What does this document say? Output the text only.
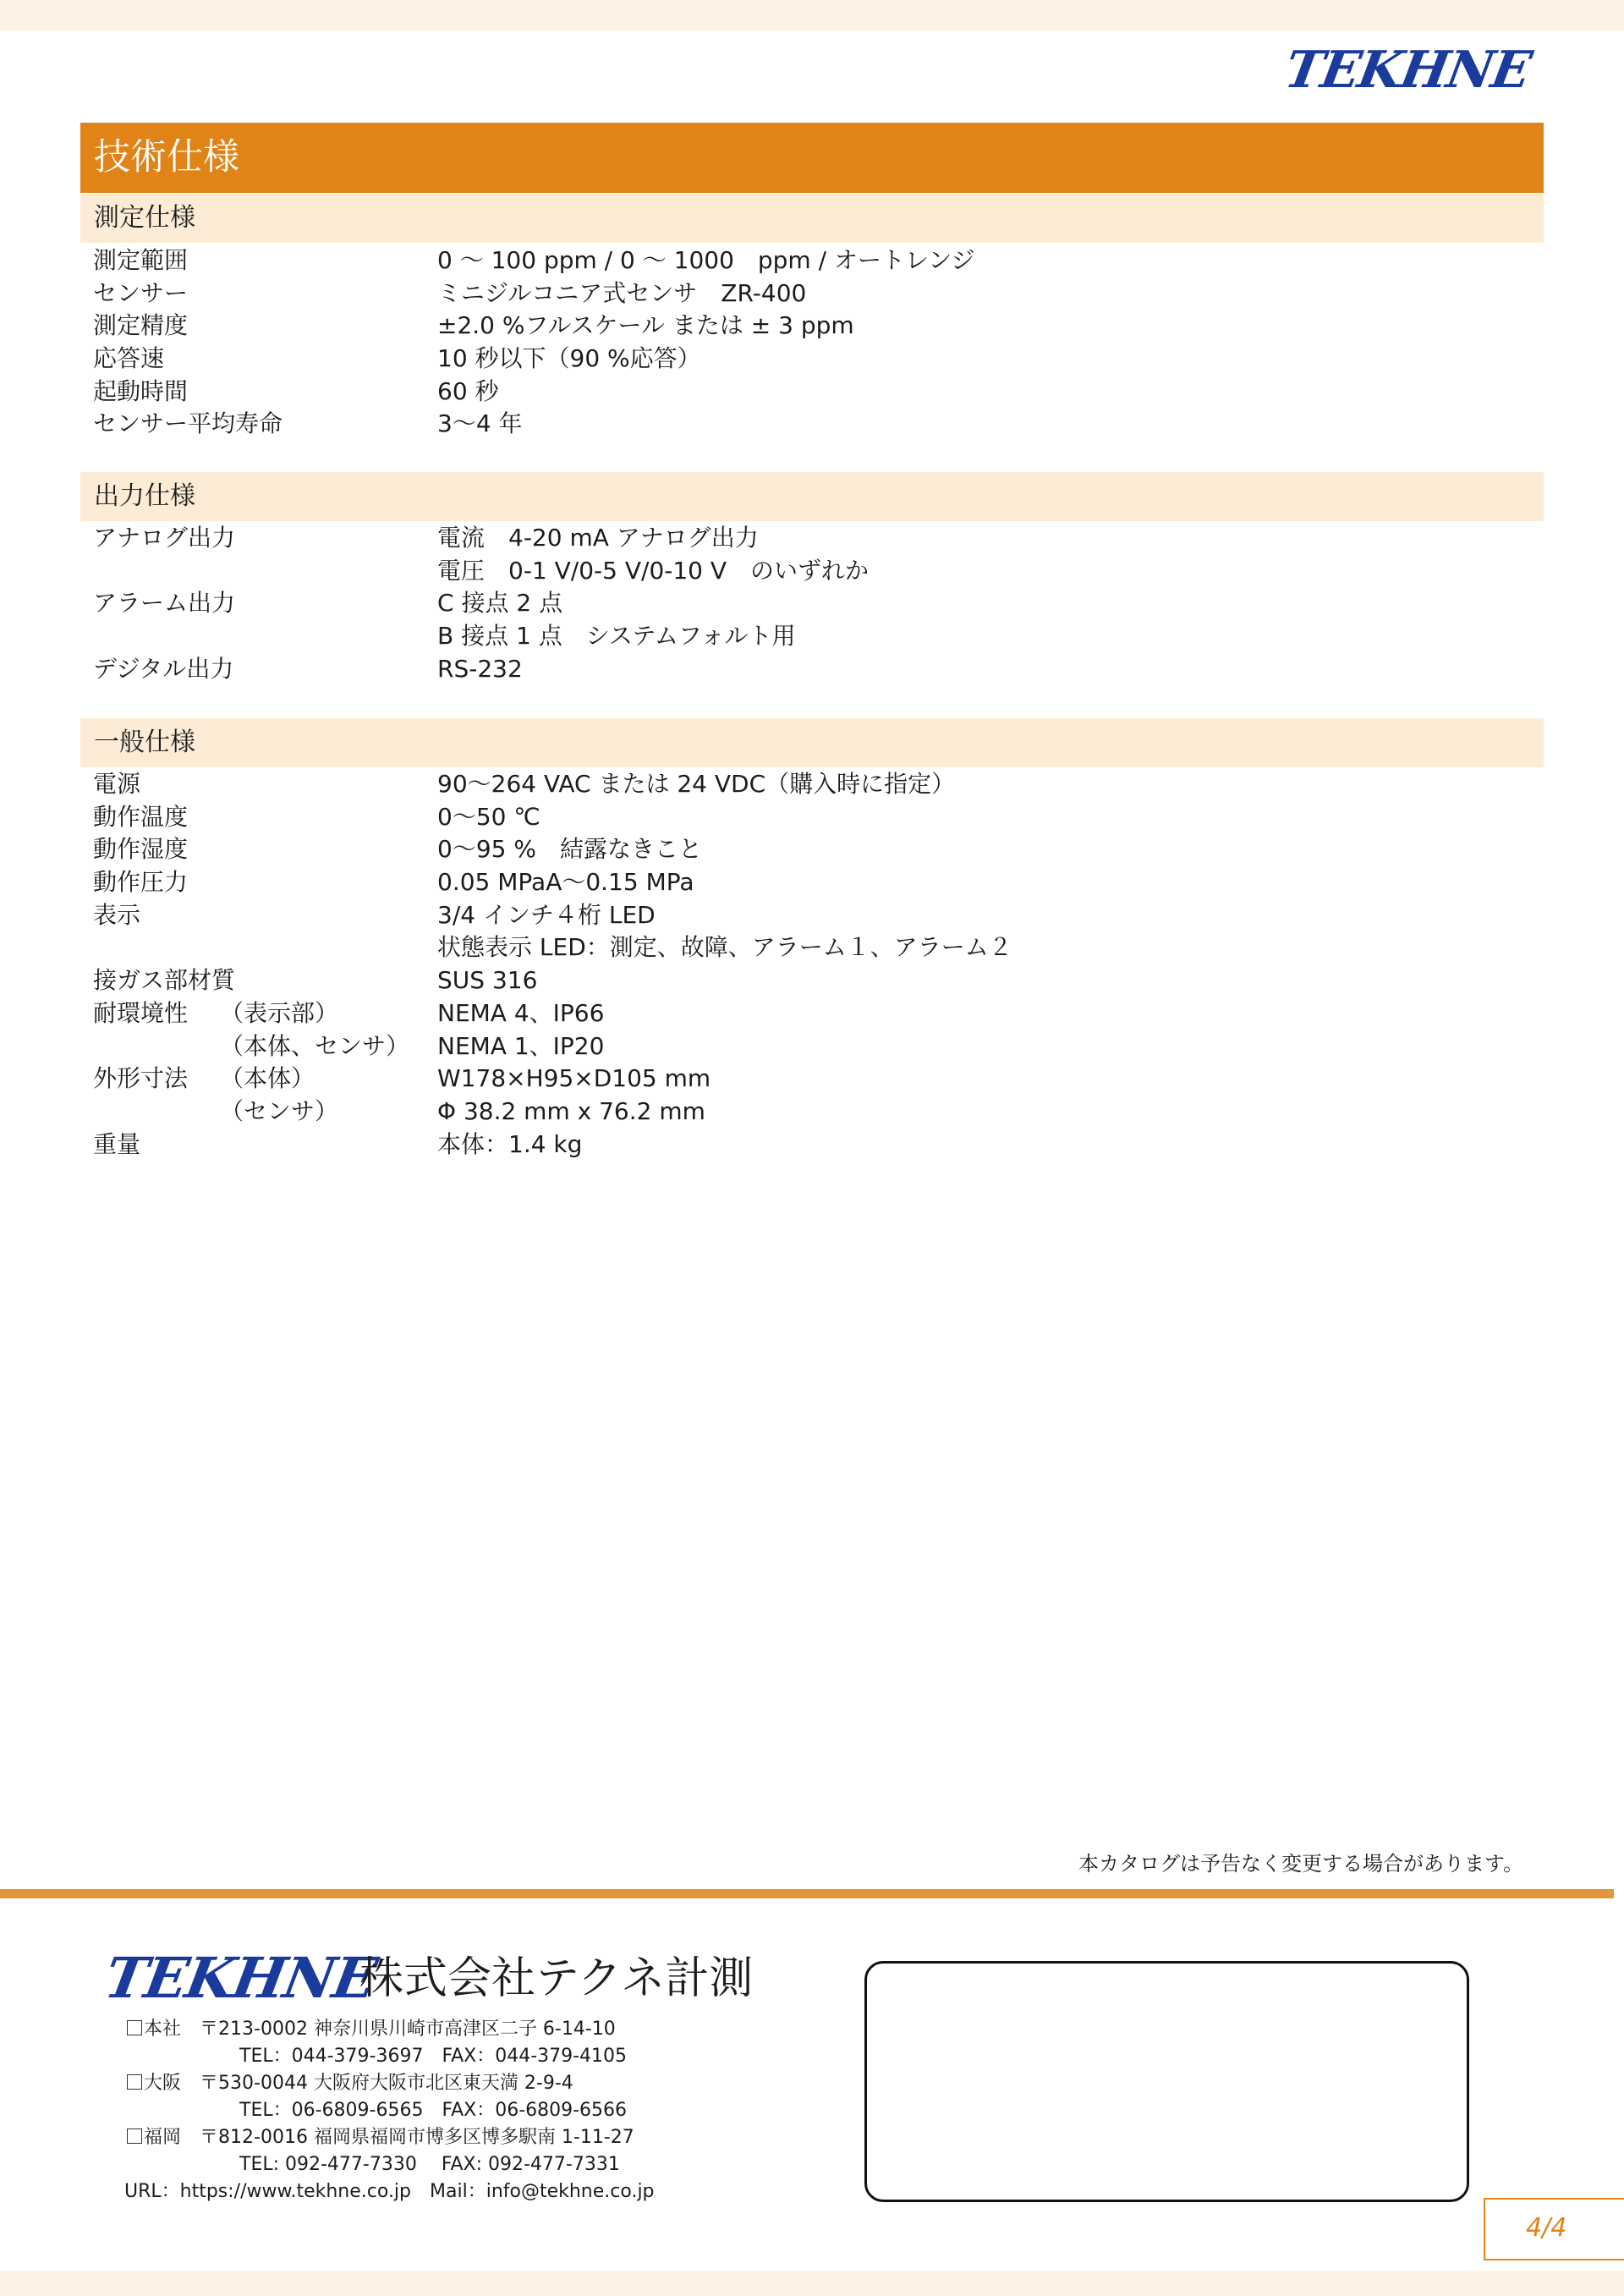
TEKHNE
技術仕様
測定仕様
測定範囲	0 ～ 100 ppm / 0 ～ 1000　ppm / オートレンジ
センサー	ミニジルコニア式センサ　ZR-400
測定精度	±2.0 %フルスケール または ± 3 ppm
応答速	10 秒以下（90 %応答）
起動時間	60 秒
センサー平均寿命	3～4 年
出力仕様
アナログ出力	電流　4-20 mA アナログ出力
電圧　0-1 V/0-5 V/0-10 V　のいずれか
アラーム出力	C 接点 2 点
B 接点 1 点　システムフォルト用
デジタル出力	RS-232
一般仕様
電源	90～264 VAC または 24 VDC（購入時に指定）
動作温度	0～50 ℃
動作湿度	0～95 %　結露なきこと
動作圧力	0.05 MPaA～0.15 MPa
表示	3/4 インチ４桁 LED
状態表示 LED：測定、故障、アラーム１、アラーム２
接ガス部材質	SUS 316
耐環境性 （表示部）	NEMA 4、IP66
（本体、センサ） NEMA 1、IP20
外形寸法 （本体）	W178×H95×D105 mm
（センサ）	Φ 38.2 mm x 76.2 mm
重量	本体：1.4 kg
本カタログは予告なく変更する場合があります。
TEKHNE
株式会社テクネ計測
本社　 〒213-0002 神奈川県川崎市高津区二子 6-14-10
TEL：044-379-3697　FAX：044-379-4105
大阪　 〒530-0044 大阪府大阪市北区東天満 2-9-4
TEL：06-6809-6565　FAX：06-6809-6566
福岡　 〒812-0016 福岡県福岡市博多区博多駅南 1-11-27
TEL: 092-477-7330　 FAX: 092-477-7331
URL：https://www.tekhne.co.jp　Mail：info@tekhne.co.jp
4/4
